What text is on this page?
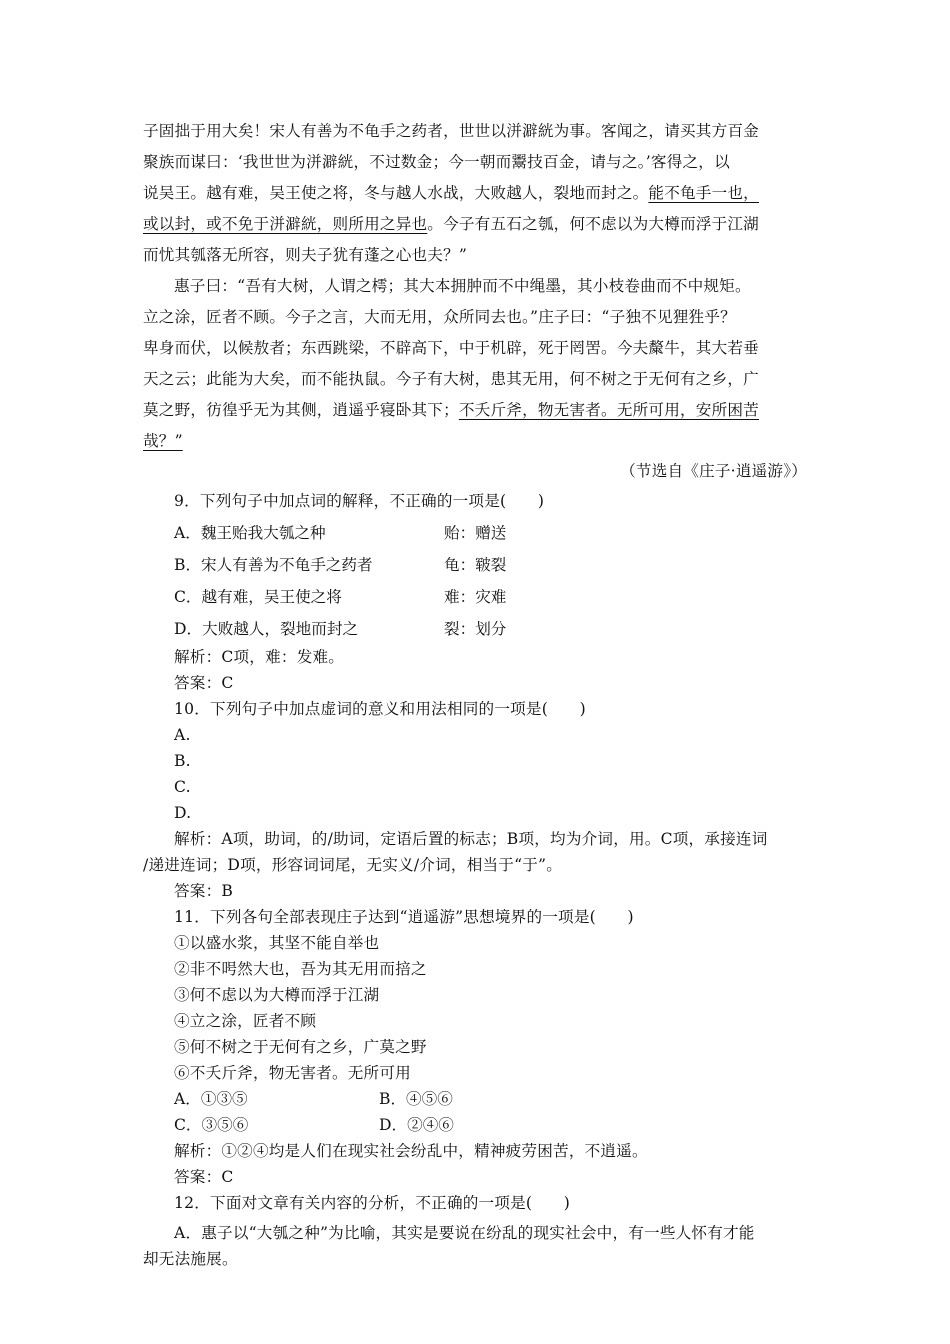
子固拙于用大矣！宋人有善为不龟手之药者，世世以洴澼絖为事。客闻之，请买其方百金
聚族而谋曰：‘我世世为洴澼絖，不过数金；今一朝而鬻技百金，请与之。’客得之，以
说吴王。越有难，吴王使之将，冬与越人水战，大败越人，裂地而封之。能不龟手一也，
或以封，或不免于洴澼絖，则所用之异也。今子有五石之瓠，何不虑以为大樽而浮于江湖
而忧其瓠落无所容，则夫子犹有蓬之心也夫？”
惠子曰：“吾有大树，人谓之樗；其大本拥肿而不中绳墨，其小枝卷曲而不中规矩。
立之涂，匠者不顾。今子之言，大而无用，众所同去也。”庄子曰：“子独不见狸狌乎？
卑身而伏，以候敖者；东西跳梁，不辟高下，中于机辟，死于罔罟。今夫斄牛，其大若垂
天之云；此能为大矣，而不能执鼠。今子有大树，患其无用，何不树之于无何有之乡，广
莫之野，彷徨乎无为其侧，逍遥乎寝卧其下；不夭斤斧，物无害者。无所可用，安所困苦
哉？”
（节选自《庄子·逍遥游》）
9．下列句子中加点词的解释，不正确的一项是(　　)
A．魏王贻我大瓠之种	贻：赠送
B．宋人有善为不龟手之药者	龟：皲裂
C．越有难，吴王使之将	难：灾难
D．大败越人，裂地而封之	裂：划分
解析：C项，难：发难。
答案：C
10．下列句子中加点虚词的意义和用法相同的一项是(　　)
A.
B.
C.
D.
解析：A项，助词，的/助词，定语后置的标志；B项，均为介词，用。C项，承接连词
/递进连词；D项，形容词词尾，无实义/介词，相当于“于”。
答案：B
11．下列各句全部表现庄子达到“逍遥游”思想境界的一项是(　　)
①以盛水浆，其坚不能自举也
②非不呺然大也，吾为其无用而掊之
③何不虑以为大樽而浮于江湖
④立之涂，匠者不顾
⑤何不树之于无何有之乡，广莫之野
⑥不夭斤斧，物无害者。无所可用
A．①③⑤	B．④⑤⑥
C．③⑤⑥	D．②④⑥
解析：①②④均是人们在现实社会纷乱中，精神疲劳困苦，不逍遥。
答案：C
12．下面对文章有关内容的分析，不正确的一项是(　　)
A．惠子以“大瓠之种”为比喻，其实是要说在纷乱的现实社会中，有一些人怀有才能
却无法施展。
